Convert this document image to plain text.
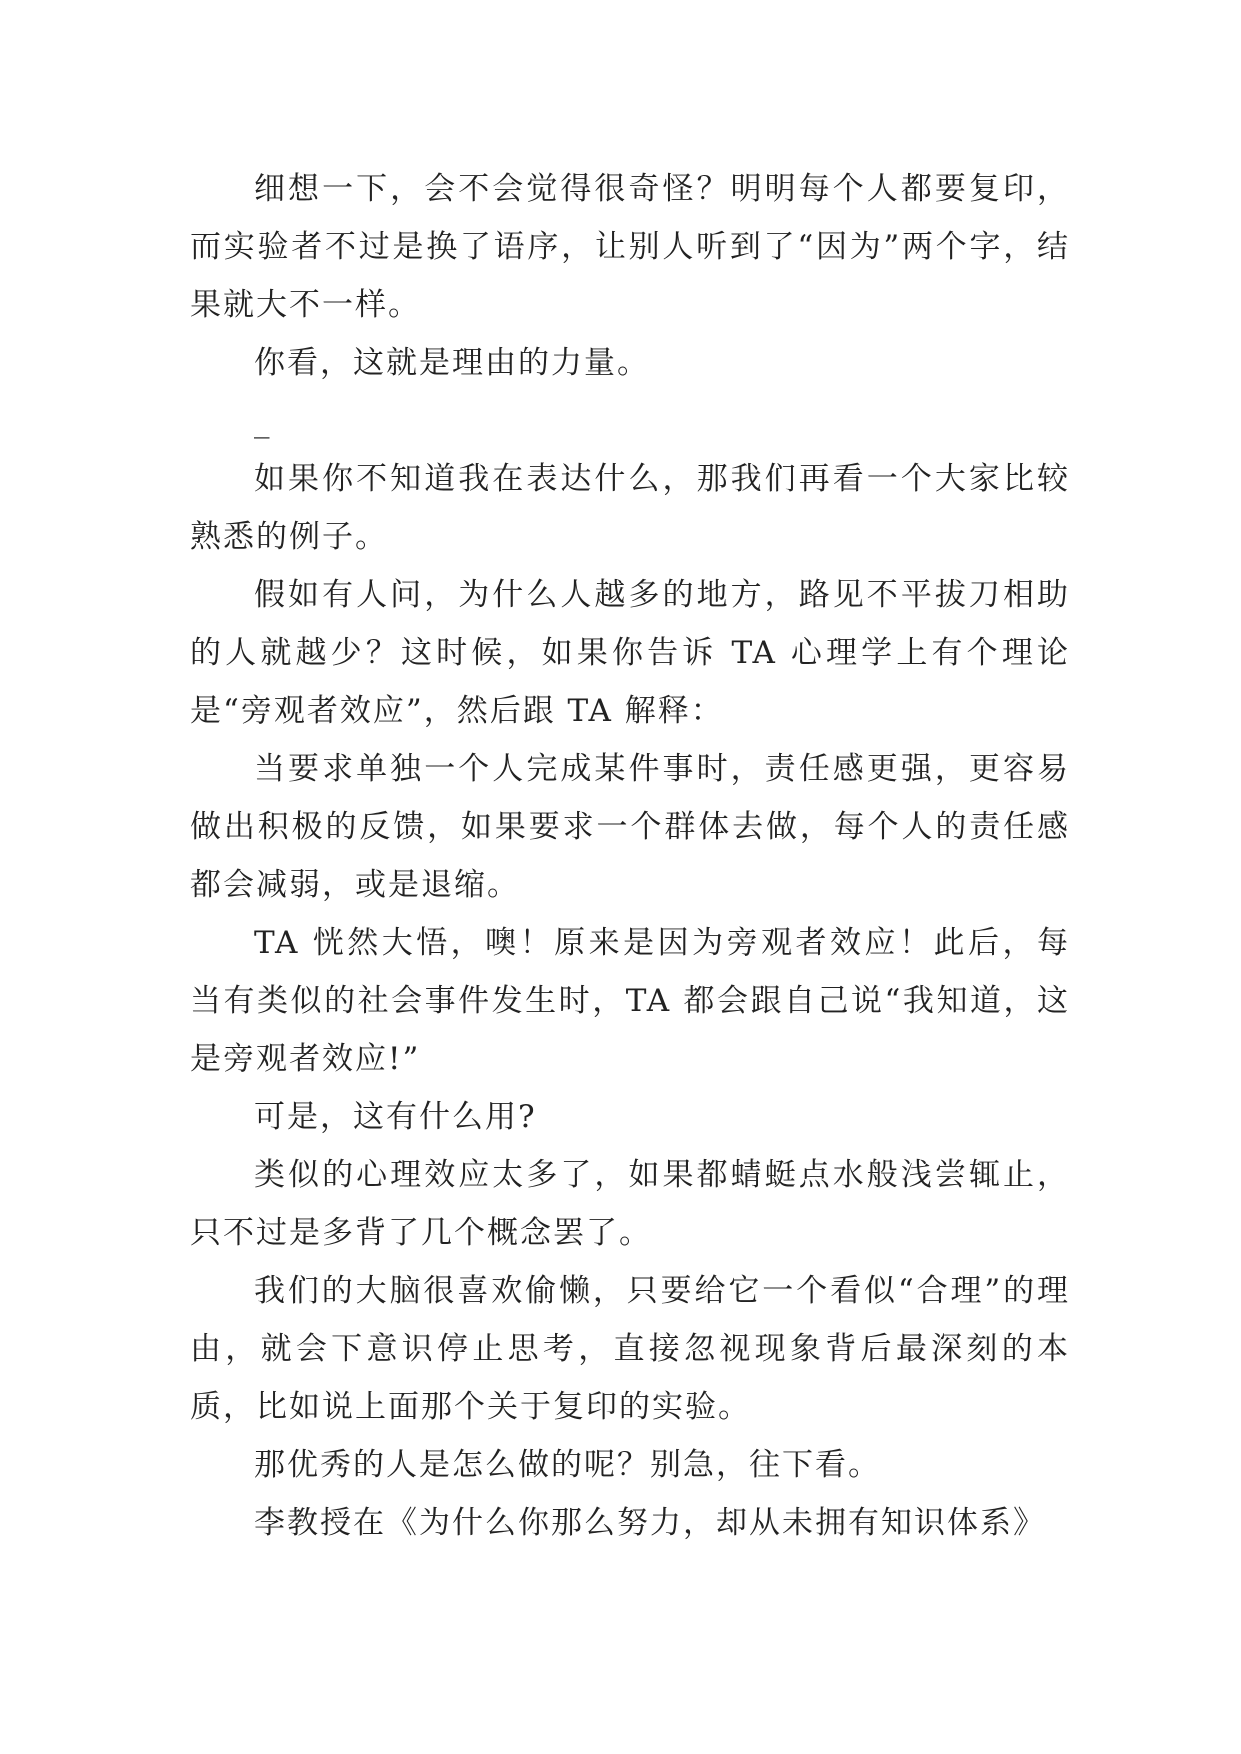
细想一下，会不会觉得很奇怪？明明每个人都要复印，而实验者不过是换了语序，让别人听到了“因为”两个字，结果就大不一样。

你看，这就是理由的力量。

_

如果你不知道我在表达什么，那我们再看一个大家比较熟悉的例子。

假如有人问，为什么人越多的地方，路见不平拔刀相助的人就越少？这时候，如果你告诉 TA 心理学上有个理论是“旁观者效应”，然后跟 TA 解释：

当要求单独一个人完成某件事时，责任感更强，更容易做出积极的反馈，如果要求一个群体去做，每个人的责任感都会减弱，或是退缩。

TA 恍然大悟，噢！原来是因为旁观者效应！此后，每当有类似的社会事件发生时，TA 都会跟自己说“我知道，这是旁观者效应!”

可是，这有什么用?

类似的心理效应太多了，如果都蜻蜓点水般浅尝辄止，只不过是多背了几个概念罢了。

我们的大脑很喜欢偷懒，只要给它一个看似“合理”的理由，就会下意识停止思考，直接忽视现象背后最深刻的本质，比如说上面那个关于复印的实验。

那优秀的人是怎么做的呢？别急，往下看。

李教授在《为什么你那么努力，却从未拥有知识体系》
